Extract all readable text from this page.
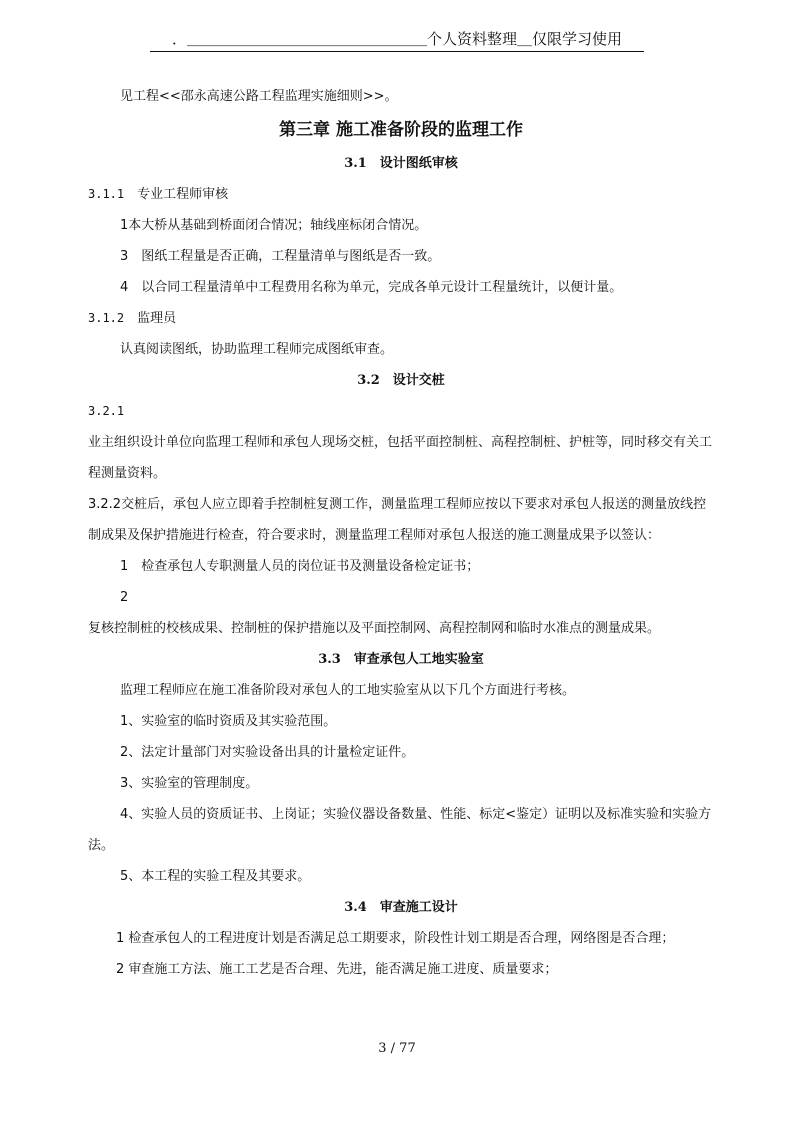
．＿＿＿＿＿＿＿＿＿＿＿＿＿＿＿＿个人资料整理＿仅限学习使用

见工程<<邵永高速公路工程监理实施细则>>。

第三章 施工准备阶段的监理工作
3.1　设计图纸审核

3.1.1　 专业工程师审核

1本大桥从基础到桥面闭合情况；轴线座标闭合情况。

3　图纸工程量是否正确，工程量清单与图纸是否一致。

4　以合同工程量清单中工程费用名称为单元，完成各单元设计工程量统计，以便计量。

3.1.2　 监理员

认真阅读图纸，协助监理工程师完成图纸审查。

3.2　设计交桩

3.2.1

业主组织设计单位向监理工程师和承包人现场交桩，包括平面控制桩、高程控制桩、护桩等，同时移交有关工程测量资料。

3.2.2交桩后，承包人应立即着手控制桩复测工作，测量监理工程师应按以下要求对承包人报送的测量放线控制成果及保护措施进行检查，符合要求时，测量监理工程师对承包人报送的施工测量成果予以签认：

1　检查承包人专职测量人员的岗位证书及测量设备检定证书；

2

复核控制桩的校核成果、控制桩的保护措施以及平面控制网、高程控制网和临时水准点的测量成果。

3.3　审查承包人工地实验室

监理工程师应在施工准备阶段对承包人的工地实验室从以下几个方面进行考核。

1、实验室的临时资质及其实验范围。

2、法定计量部门对实验设备出具的计量检定证件。

3、实验室的管理制度。

4、实验人员的资质证书、上岗证；实验仪器设备数量、性能、标定<鉴定）证明以及标准实验和实验方法。

5、本工程的实验工程及其要求。

3.4　审查施工设计

1 检查承包人的工程进度计划是否满足总工期要求，阶段性计划工期是否合理，网络图是否合理；

2 审查施工方法、施工工艺是否合理、先进，能否满足施工进度、质量要求；

3 / 77
